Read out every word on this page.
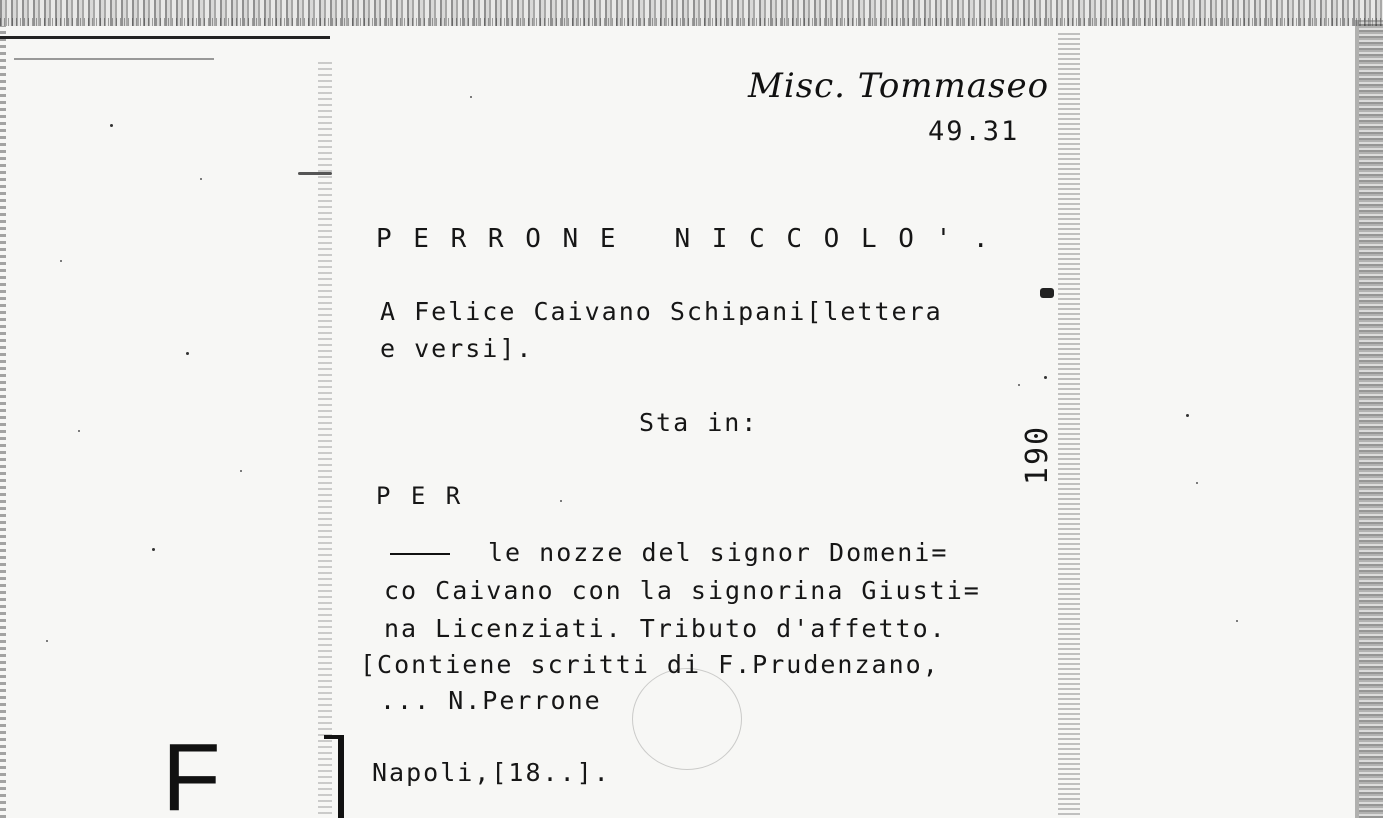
Misc. Tommaseo
49.31
P E R R O N E   N I C C O L O ' .
A Felice Caivano Schipani[lettera
e versi].
Sta in:
190
P E R
le nozze del signor Domeni=
co Caivano con la signorina Giusti=
na Licenziati. Tributo d'affetto.
[Contiene scritti di F.Prudenzano,
... N.Perrone
Napoli,[18..].
F
